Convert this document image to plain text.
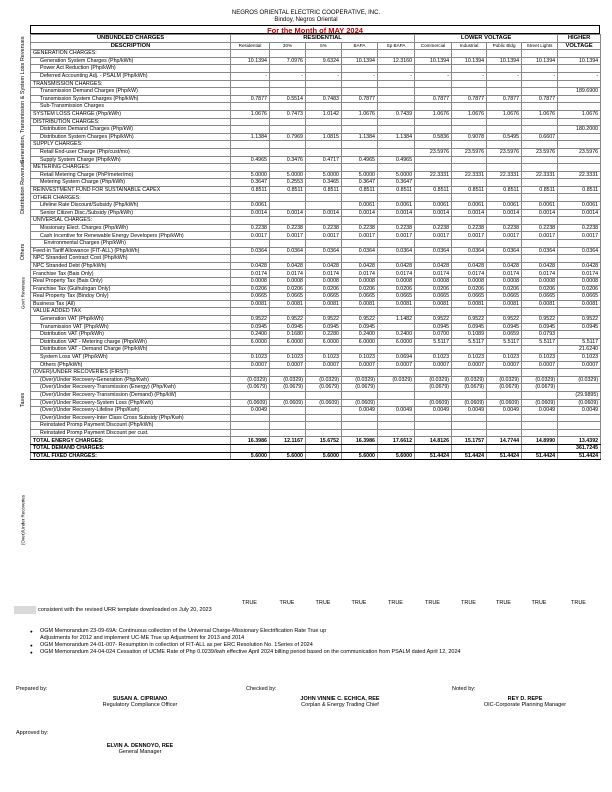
NEGROS ORIENTAL ELECTRIC COOPERATIVE, INC.
Bindoy, Negros Oriental
For the Month of MAY 2024
UNBUNDLED CHARGES	RESIDENTIAL					LOWER VOLTAGE				HIGHER
DESCRIPTION	Residential	30%	5%	BAPA	Sp BAPA	Commercial	Industrial	Public Bldg	Street Lights	VOLTAGE
GENERATION CHARGES:										
Generation System Charges (Php/kWh)	10.1394	7.0976	9.6324	10.1394	12.3160	10.1394	10.1394	10.1394	10.1394	10.1394
Power Act Reduction (Php/kWh)										
Deferred Accounting Adj. - PSALM (Php/kWh)	-	-	-	-	-	-	-	-	-	-
TRANSMISSION CHARGES:										
Transmission Demand Charges (Php/kW)										189.6900
Transmission System Charges (Php/kWh)	0.7877	0.5514	0.7483	0.7877		0.7877	0.7877	0.7877	0.7877	
Sub-Transmission Charges										
SYSTEM LOSS CHARGE (Php/kWh)	1.0676	0.7473	1.0142	1.0676	0.7439	1.0676	1.0676	1.0676	1.0676	1.0676
DISTRIBUTION CHARGES:										
Distribution Demand Charges (Php/kW)										180.2000
Distribution System Charges (Php/kWh)	1.1384	0.7969	1.0815	1.1384	1.1384	0.5836	0.9078	0.5495	0.6607	
SUPPLY CHARGES:										
Retail End-user Charge (Php/cust/mo)						23.5976	23.5976	23.5976	23.5976	23.5976
Supply System Charge (Php/kWh)	0.4965	0.3476	0.4717	0.4965	0.4965					
METERING CHARGES:										
Retail Metering Charge (PhP/meter/mo)	5.0000	5.0000	5.0000	5.0000	5.0000	22.3331	22.3331	22.3331	22.3331	22.3331
Metering System Charge (Php/kWh)	0.3647	0.2553	0.3465	0.3647	0.3647					
REINVESTMENT FUND FOR SUSTAINABLE CAPEX	0.8511	0.8511	0.8511	0.8511	0.8511	0.8511	0.8511	0.8511	0.8511	0.8511
OTHER CHARGES:										
Lifeline Rate Discount/Subsidy (Php/kWh)	0.0061			0.0061	0.0061	0.0061	0.0061	0.0061	0.0061	0.0061
Senior Citizen Disc./Subsidy (Php/kWh)	0.0014	0.0014	0.0014	0.0014	0.0014	0.0014	0.0014	0.0014	0.0014	0.0014
UNIVERSAL CHARGES:										
Missionary Elect. Charges (Php/kWh)	0.2238	0.2238	0.2238	0.2238	0.2238	0.2238	0.2238	0.2238	0.2238	0.2238
Cash Incentive for Renewable Energy Developers (Php/kWh)	0.0017	0.0017	0.0017	0.0017	0.0017	0.0017	0.0017	0.0017	0.0017	0.0017
Environmental Charges (Php/kWh)										
Feed-in Tariff Allowance (FIT-ALL) (Php/kWh)	0.0364	0.0364	0.0364	0.0364	0.0364	0.0364	0.0364	0.0364	0.0364	0.0364
NPC Stranded Contract Cost (Php/kWh)										
NPC Stranded Debt (Php/kWh)	0.0428	0.0428	0.0428	0.0428	0.0428	0.0428	0.0428	0.0428	0.0428	0.0428
Franchise Tax (Bais Only)	0.0174	0.0174	0.0174	0.0174	0.0174	0.0174	0.0174	0.0174	0.0174	0.0174
Real Property Tax (Bais Only)	0.0008	0.0008	0.0008	0.0008	0.0008	0.0008	0.0008	0.0008	0.0008	0.0008
Franchise Tax (Guihulngan Only)	0.0206	0.0206	0.0206	0.0206	0.0206	0.0206	0.0206	0.0206	0.0206	0.0206
Real Property Tax (Bindoy Only)	0.0665	0.0665	0.0665	0.0665	0.0665	0.0665	0.0665	0.0665	0.0665	0.0665
Business Tax (All)	0.0081	0.0081	0.0081	0.0081	0.0081	0.0081	0.0081	0.0081	0.0081	0.0081
VALUE ADDED TAX										
Generation VAT (Php/kWh)	0.9522	0.9522	0.9522	0.9522	1.1482	0.9522	0.9522	0.9522	0.9522	0.9522
Transmission VAT (Php/kWh)	0.0945	0.0945	0.0945	0.0945		0.0945	0.0945	0.0945	0.0945	0.0945
Distribution VAT (Php/kWh)	0.2400	0.1680	0.2280	0.2400	0.2400	0.0700	0.1089	0.0659	0.0793	
Distribution VAT - Metering charge (Php/kWh)	6.0000	6.0000	6.0000	6.0000	6.0000	5.5117	5.5117	5.5117	5.5117	5.5117
Distribution VAT - Demand Charge (Php/kWh)										21.6240
System Loss VAT (Php/kWh)	0.1023	0.1023	0.1023	0.1023	0.0694	0.1023	0.1023	0.1023	0.1023	0.1023
Others (Php/kWh)	0.0007	0.0007	0.0007	0.0007	0.0007	0.0007	0.0007	0.0007	0.0007	0.0007
(OVER)/UNDER RECOVERIES (FIRST):										
(Over)/Under Recovery-Generation (Php/Kwh)	(0.0329)	(0.0329)	(0.0329)	(0.0329)	(0.0329)	(0.0329)	(0.0329)	(0.0329)	(0.0329)	(0.0329)
(Over)/Under Recovery-Transmission (Energy) (Php/Kwh)	(0.0679)	(0.0679)	(0.0679)	(0.0679)		(0.0679)	(0.0679)	(0.0679)	(0.0679)	
(Over)/Under Recovery-Transmission (Demand) (Php/kW)										(29.9895)
(Over)/Under Recovery-System Loss (Php/Kwh)	(0.0609)	(0.0609)	(0.0609)	(0.0609)		(0.0609)	(0.0609)	(0.0609)	(0.0609)	(0.0609)
(Over)/Under Recovery-Lifeline (Php/Kwh)	0.0049			0.0049	0.0049	0.0049	0.0049	0.0049	0.0049	0.0049
(Over)/Under Recovery-Inter Class Cross Subsidy (Php/Kwh)										
Reinstated Promp Payment Discount (Php/kWh)										
Reinstated Promp Payment Discount per cust.										
TOTAL ENERGY CHARGES:	16.3986	12.1167	15.6752	16.3986	17.6612	14.8126	15.1757	14.7744	14.8990	13.4392
TOTAL DEMAND CHARGES:										361.7245
TOTAL FIXED CHARGES:	5.6000	5.6000	5.6000	5.6000	5.6000	51.4424	51.4424	51.4424	51.4424	51.4424
Generation, Transmission & System Loss Revenues
Distribution Revenues
Others
Gov't Revenues
Taxes
(Over)/Under Recoveries
TRUE	TRUE	TRUE	TRUE	TRUE	TRUE	TRUE	TRUE	TRUE	TRUE
consistent with the revised URR template downloaded on July 20, 2023
● OGM Memorandum 23-09-69A: Continuous collection of the Universal Charge-Missionary Electrification Rate True up
Adjustments for 2012 and implement UC-ME True up Adjustment for 2013 and 2014
● OGM Memorandum 24-01-007- Resumption in collection of FIT-ALL as per ERC Resolution No. 1Series of 2024
● OGM Memorandum 24-04-024 Cessation of UCME Rate of Php 0.0239/kwh effective April 2024 billing period based on the communication from PSALM dated April 12, 2024
Prepared by:
SUSAN A. CIPRIANO
Regulatory Compliance Officer
Checked by:
JOHN VINNIE C. ECHICA, REE
Corplan & Energy Trading Chief
Noted by:
REY D. REPE
OIC-Corporate Planning Manager
Approved by:
ELVIN A. DENNOYO, REE
General Manager
